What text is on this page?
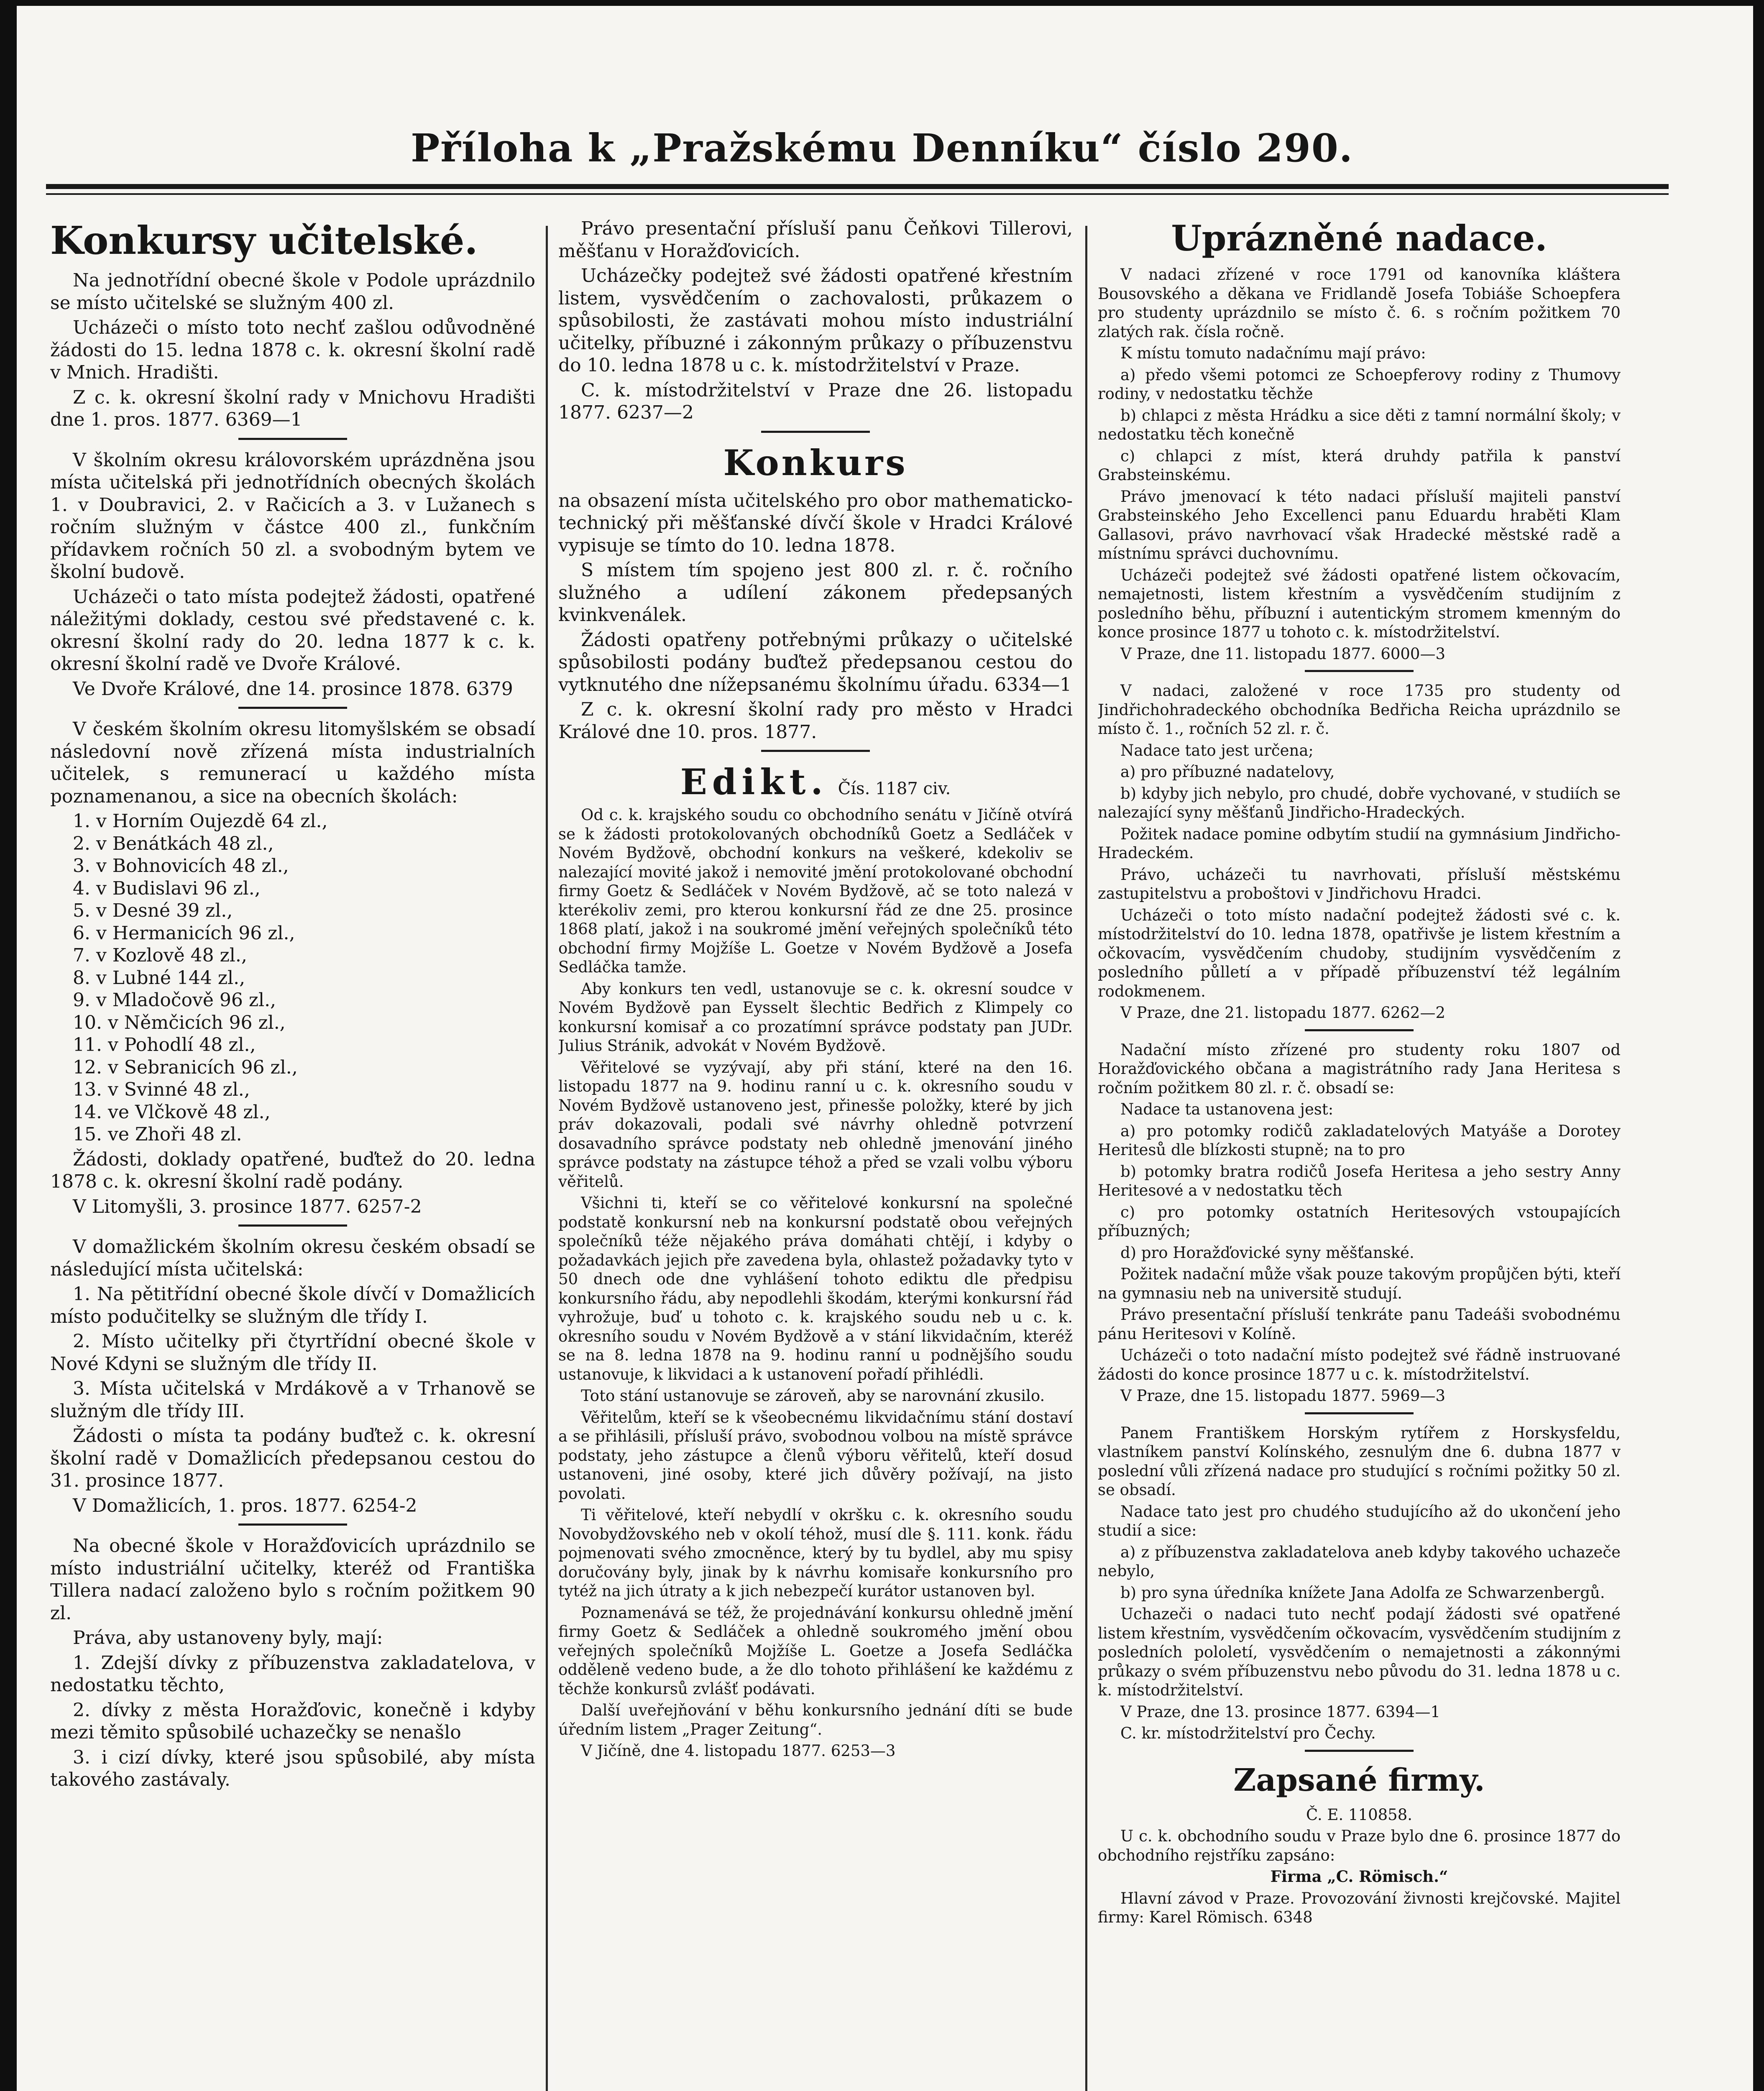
Příloha k „Pražskému Denníku“ číslo 290.
Konkursy učitelské.

Na jednotřídní obecné škole v Podole uprázdnilo se místo učitelské se služným 400 zl.

Ucházeči o místo toto nechť zašlou odůvodněné žádosti do 15. ledna 1878 c. k. okresní školní radě v Mnich. Hradišti.

Z c. k. okresní školní rady v Mnichovu Hradišti dne 1. pros. 1877. 6369—1

V školním okresu královorském uprázdněna jsou místa učitelská při jednotřídních obecných školách 1. v Doubravici, 2. v Račicích a 3. v Lužanech s ročním služným v částce 400 zl., funkčním přídavkem ročních 50 zl. a svobodným bytem ve školní budově.

Ucházeči o tato místa podejtež žádosti, opatřené náležitými doklady, cestou své představené c. k. okresní školní rady do 20. ledna 1877 k c. k. okresní školní radě ve Dvoře Králové.

Ve Dvoře Králové, dne 14. prosince 1878. 6379

V českém školním okresu litomyšlském se obsadí následovní nově zřízená místa industrialních učitelek, s remunerací u každého místa poznamenanou, a sice na obecních školách:

1. v Horním Oujezdě 64 zl.,
2. v Benátkách 48 zl.,
3. v Bohnovicích 48 zl.,
4. v Budislavi 96 zl.,
5. v Desné 39 zl.,
6. v Hermanicích 96 zl.,
7. v Kozlově 48 zl.,
8. v Lubné 144 zl.,
9. v Mladočově 96 zl.,
10. v Němčicích 96 zl.,
11. v Pohodlí 48 zl.,
12. v Sebranicích 96 zl.,
13. v Svinné 48 zl.,
14. ve Vlčkově 48 zl.,
15. ve Zhoři 48 zl.

Žádosti, doklady opatřené, buďtež do 20. ledna 1878 c. k. okresní školní radě podány.

V Litomyšli, 3. prosince 1877. 6257-2

V domažlickém školním okresu českém obsadí se následující místa učitelská:

1. Na pětitřídní obecné škole dívčí v Domažlicích místo podučitelky se služným dle třídy I.

2. Místo učitelky při čtyrtřídní obecné škole v Nové Kdyni se služným dle třídy II.

3. Místa učitelská v Mrdákově a v Trhanově se služným dle třídy III.

Žádosti o místa ta podány buďtež c. k. okresní školní radě v Domažlicích předepsanou cestou do 31. prosince 1877.

V Domažlicích, 1. pros. 1877. 6254-2

Na obecné škole v Horažďovicích uprázdnilo se místo industriální učitelky, kteréž od Františka Tillera nadací založeno bylo s ročním požitkem 90 zl.

Práva, aby ustanoveny byly, mají:

1. Zdejší dívky z příbuzenstva zakladatelova, v nedostatku těchto,

2. dívky z města Horažďovic, konečně i kdyby mezi těmito spůsobilé uchazečky se nenašlo

3. i cizí dívky, které jsou spůsobilé, aby místa takového zastávaly.

Právo presentační přísluší panu Čeňkovi Tillerovi, měšťanu v Horažďovicích.

Ucházečky podejtež své žádosti opatřené křestním listem, vysvědčením o zachovalosti, průkazem o spůsobilosti, že zastávati mohou místo industriální učitelky, příbuzné i zákonným průkazy o příbuzenstvu do 10. ledna 1878 u c. k. místodržitelství v Praze.

C. k. místodržitelství v Praze dne 26. listopadu 1877. 6237—2

Konkurs

na obsazení místa učitelského pro obor mathematicko-technický při měšťanské dívčí škole v Hradci Králové vypisuje se tímto do 10. ledna 1878.

S místem tím spojeno jest 800 zl. r. č. ročního služného a udílení zákonem předepsaných kvinkvenálek.

Žádosti opatřeny potřebnými průkazy o učitelské spůsobilosti podány buďtež předepsanou cestou do vytknutého dne nížepsanému školnímu úřadu. 6334—1

Z c. k. okresní školní rady pro město v Hradci Králové dne 10. pros. 1877.

Edikt. Čís. 1187 civ.

Od c. k. krajského soudu co obchodního senátu v Jičíně otvírá se k žádosti protokolovaných obchodníků Goetz a Sedláček v Novém Bydžově, obchodní konkurs na veškeré, kdekoliv se nalezající movité jakož i nemovité jmění protokolované obchodní firmy Goetz & Sedláček v Novém Bydžově, ač se toto nalezá v kterékoliv zemi, pro kterou konkursní řád ze dne 25. prosince 1868 platí, jakož i na soukromé jmění veřejných společníků této obchodní firmy Mojžíše L. Goetze v Novém Bydžově a Josefa Sedláčka tamže.

Aby konkurs ten vedl, ustanovuje se c. k. okresní soudce v Novém Bydžově pan Eysselt šlechtic Bedřich z Klimpely co konkursní komisař a co prozatímní správce podstaty pan JUDr. Julius Stránik, advokát v Novém Bydžově.

Věřitelové se vyzývají, aby při stání, které na den 16. listopadu 1877 na 9. hodinu ranní u c. k. okresního soudu v Novém Bydžově ustanoveno jest, přinesše položky, které by jich práv dokazovali, podali své návrhy ohledně potvrzení dosavadního správce podstaty neb ohledně jmenování jiného správce podstaty na zástupce téhož a před se vzali volbu výboru věřitelů.

Všichni ti, kteří se co věřitelové konkursní na společné podstatě konkursní neb na konkursní podstatě obou veřejných společníků téže nějakého práva domáhati chtějí, i kdyby o požadavkách jejich pře zavedena byla, ohlastež požadavky tyto v 50 dnech ode dne vyhlášení tohoto ediktu dle předpisu konkursního řádu, aby nepodlehli škodám, kterými konkursní řád vyhrožuje, buď u tohoto c. k. krajského soudu neb u c. k. okresního soudu v Novém Bydžově a v stání likvidačním, kteréž se na 8. ledna 1878 na 9. hodinu ranní u podnějšího soudu ustanovuje, k likvidaci a k ustanovení pořadí přihlédli.

Toto stání ustanovuje se zároveň, aby se narovnání zkusilo.

Věřitelům, kteří se k všeobecnému likvidačnímu stání dostaví a se přihlásili, přísluší právo, svobodnou volbou na místě správce podstaty, jeho zástupce a členů výboru věřitelů, kteří dosud ustanoveni, jiné osoby, které jich důvěry požívají, na jisto povolati.

Ti věřitelové, kteří nebydlí v okršku c. k. okresního soudu Novobydžovského neb v okolí téhož, musí dle §. 111. konk. řádu pojmenovati svého zmocněnce, který by tu bydlel, aby mu spisy doručovány byly, jinak by k návrhu komisaře konkursního pro tytéž na jich útraty a k jich nebezpečí kurátor ustanoven byl.

Poznamenává se též, že projednávání konkursu ohledně jmění firmy Goetz & Sedláček a ohledně soukromého jmění obou veřejných společníků Mojžíše L. Goetze a Josefa Sedláčka odděleně vedeno bude, a že dlo tohoto přihlášení ke každému z těchže konkursů zvlášť podávati.

Další uveřejňování v běhu konkursního jednání díti se bude úředním listem „Prager Zeitung“.

V Jičíně, dne 4. listopadu 1877. 6253—3

Uprázněné nadace.

V nadaci zřízené v roce 1791 od kanovníka kláštera Bousovského a děkana ve Fridlandě Josefa Tobiáše Schoepfera pro studenty uprázdnilo se místo č. 6. s ročním požitkem 70 zlatých rak. čísla ročně.

K místu tomuto nadačnímu mají právo:

a) předo všemi potomci ze Schoepferovy rodiny z Thumovy rodiny, v nedostatku těchže

b) chlapci z města Hrádku a sice děti z tamní normální školy; v nedostatku těch konečně

c) chlapci z míst, která druhdy patřila k panství Grabsteinskému.

Právo jmenovací k této nadaci přísluší majiteli panství Grabsteinského Jeho Excellenci panu Eduardu hraběti Klam Gallasovi, právo navrhovací však Hradecké městské radě a místnímu správci duchovnímu.

Ucházeči podejtež své žádosti opatřené listem očkovacím, nemajetnosti, listem křestním a vysvědčením studijním z posledního běhu, příbuzní i autentickým stromem kmenným do konce prosince 1877 u tohoto c. k. místodržitelství.

V Praze, dne 11. listopadu 1877. 6000—3

V nadaci, založené v roce 1735 pro studenty od Jindřichohradeckého obchodníka Bedřicha Reicha uprázdnilo se místo č. 1., ročních 52 zl. r. č.

Nadace tato jest určena;

a) pro příbuzné nadatelovy,

b) kdyby jich nebylo, pro chudé, dobře vychované, v studiích se nalezající syny měšťanů Jindřicho-Hradeckých.

Požitek nadace pomine odbytím studií na gymnásium Jindřicho-Hradeckém.

Právo, ucházeči tu navrhovati, přísluší městskému zastupitelstvu a proboštovi v Jindřichovu Hradci.

Ucházeči o toto místo nadační podejtež žádosti své c. k. místodržitelství do 10. ledna 1878, opatřivše je listem křestním a očkovacím, vysvědčením chudoby, studijním vysvědčením z posledního půlletí a v případě příbuzenství též legálním rodokmenem.

V Praze, dne 21. listopadu 1877. 6262—2

Nadační místo zřízené pro studenty roku 1807 od Horažďovického občana a magistrátního rady Jana Heritesa s ročním požitkem 80 zl. r. č. obsadí se:

Nadace ta ustanovena jest:

a) pro potomky rodičů zakladatelových Matyáše a Dorotey Heritesů dle blízkosti stupně; na to pro

b) potomky bratra rodičů Josefa Heritesa a jeho sestry Anny Heritesové a v nedostatku těch

c) pro potomky ostatních Heritesových vstoupajících příbuzných;

d) pro Horažďovické syny měšťanské.

Požitek nadační může však pouze takovým propůjčen býti, kteří na gymnasiu neb na universitě studují.

Právo presentační přísluší tenkráte panu Tadeáši svobodnému pánu Heritesovi v Kolíně.

Ucházeči o toto nadační místo podejtež své řádně instruované žádosti do konce prosince 1877 u c. k. místodržitelství.

V Praze, dne 15. listopadu 1877. 5969—3

Panem Františkem Horským rytířem z Horskysfeldu, vlastníkem panství Kolínského, zesnulým dne 6. dubna 1877 v poslední vůli zřízená nadace pro studující s ročními požitky 50 zl. se obsadí.

Nadace tato jest pro chudého studujícího až do ukončení jeho studií a sice:

a) z příbuzenstva zakladatelova aneb kdyby takového uchazeče nebylo,

b) pro syna úředníka knížete Jana Adolfa ze Schwarzenbergů.

Uchazeči o nadaci tuto nechť podají žádosti své opatřené listem křestním, vysvědčením očkovacím, vysvědčením studijním z posledních pololetí, vysvědčením o nemajetnosti a zákonnými průkazy o svém příbuzenstvu nebo původu do 31. ledna 1878 u c. k. místodržitelství.

V Praze, dne 13. prosince 1877. 6394—1

C. kr. místodržitelství pro Čechy.

Zapsané firmy.

Č. E. 110858.

U c. k. obchodního soudu v Praze bylo dne 6. prosince 1877 do obchodního rejstříku zapsáno:

Firma „C. Römisch.“

Hlavní závod v Praze. Provozování živnosti krejčovské. Majitel firmy: Karel Römisch. 6348
